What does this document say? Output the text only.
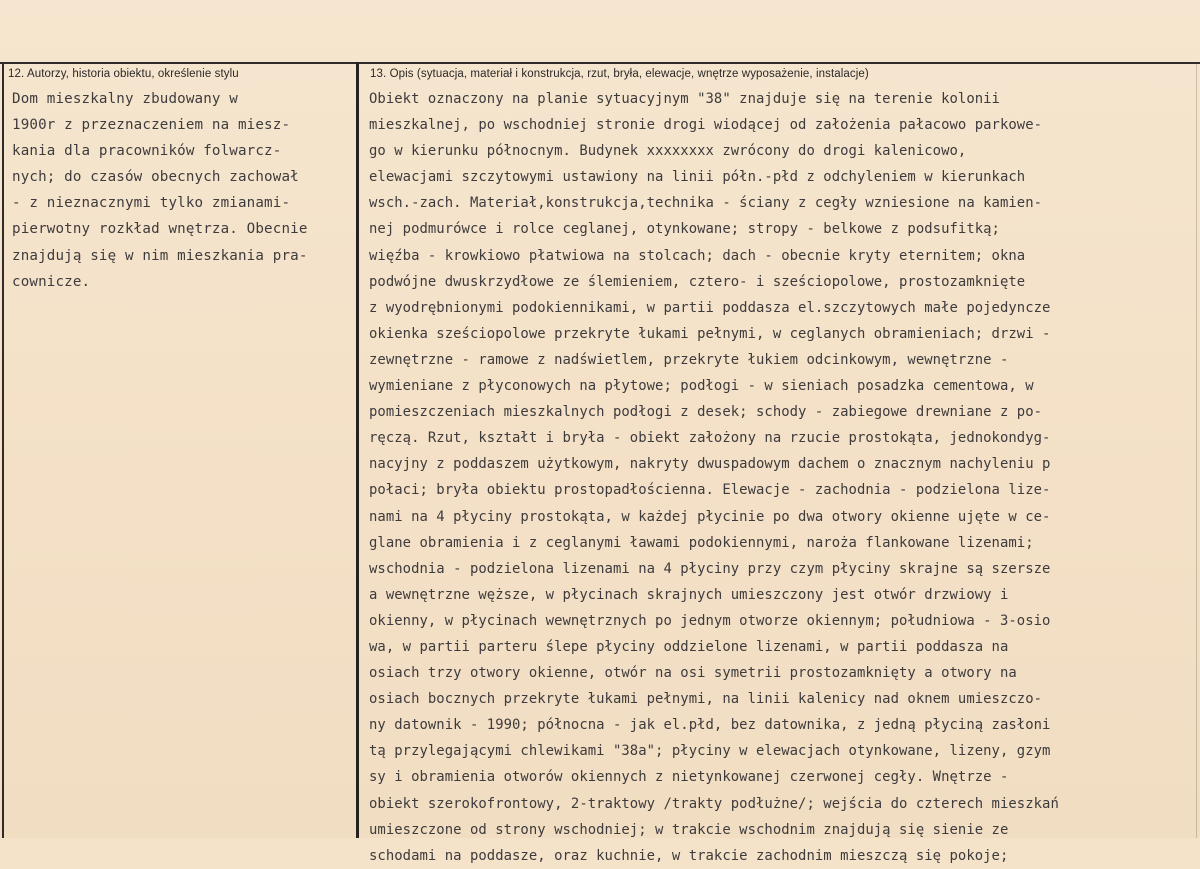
12. Autorzy, historia obiektu, określenie stylu	13. Opis (sytuacja, materiał i konstrukcja, rzut, bryła, elewacje, wnętrze wyposażenie, instalacje)
Dom mieszkalny zbudowany w
1900r z przeznaczeniem na miesz-
kania dla pracowników folwarcz-
nych; do czasów obecnych zachował
- z nieznacznymi tylko zmianami-
pierwotny rozkład wnętrza. Obecnie
znajdują się w nim mieszkania pra-
cownicze.
Obiekt oznaczony na planie sytuacyjnym "38" znajduje się na terenie kolonii
mieszkalnej, po wschodniej stronie drogi wiodącej od założenia pałacowo parkowe-
go w kierunku północnym. Budynek xxxxxxxx zwrócony do drogi kalenicowo,
elewacjami szczytowymi ustawiony na linii półn.-płd z odchyleniem w kierunkach
wsch.-zach. Materiał,konstrukcja,technika - ściany z cegły wzniesione na kamien-
nej podmurówce i rolce ceglanej, otynkowane; stropy - belkowe z podsufitką;
więźba - krowkiowo płatwiowa na stolcach; dach - obecnie kryty eternitem; okna
podwójne dwuskrzydłowe ze ślemieniem, cztero- i sześciopolowe, prostozamknięte
z wyodrębnionymi podokiennikami, w partii poddasza el.szczytowych małe pojedyncze
okienka sześciopolowe przekryte łukami pełnymi, w ceglanych obramieniach; drzwi -
zewnętrzne - ramowe z nadświetlem, przekryte łukiem odcinkowym, wewnętrzne -
wymieniane z płyconowych na płytowe; podłogi - w sieniach posadzka cementowa, w
pomieszczeniach mieszkalnych podłogi z desek; schody - zabiegowe drewniane z po-
ręczą. Rzut, kształt i bryła - obiekt założony na rzucie prostokąta, jednokondyg-
nacyjny z poddaszem użytkowym, nakryty dwuspadowym dachem o znacznym nachyleniu p
połaci; bryła obiektu prostopadłościenna. Elewacje - zachodnia - podzielona lize-
nami na 4 płyciny prostokąta, w każdej płycinie po dwa otwory okienne ujęte w ce-
glane obramienia i z ceglanymi ławami podokiennymi, naroża flankowane lizenami;
wschodnia - podzielona lizenami na 4 płyciny przy czym płyciny skrajne są szersze
a wewnętrzne węższe, w płycinach skrajnych umieszczony jest otwór drzwiowy i
okienny, w płycinach wewnętrznych po jednym otworze okiennym; południowa - 3-osio
wa, w partii parteru ślepe płyciny oddzielone lizenami, w partii poddasza na
osiach trzy otwory okienne, otwór na osi symetrii prostozamknięty a otwory na
osiach bocznych przekryte łukami pełnymi, na linii kalenicy nad oknem umieszczo-
ny datownik - 1990; północna - jak el.płd, bez datownika, z jedną płyciną zasłoni
tą przylegającymi chlewikami "38a"; płyciny w elewacjach otynkowane, lizeny, gzym
sy i obramienia otworów okiennych z nietynkowanej czerwonej cegły. Wnętrze -
obiekt szerokofrontowy, 2-traktowy /trakty podłużne/; wejścia do czterech mieszkań
umieszczone od strony wschodniej; w trakcie wschodnim znajdują się sienie ze
schodami na poddasze, oraz kuchnie, w trakcie zachodnim mieszczą się pokoje;
